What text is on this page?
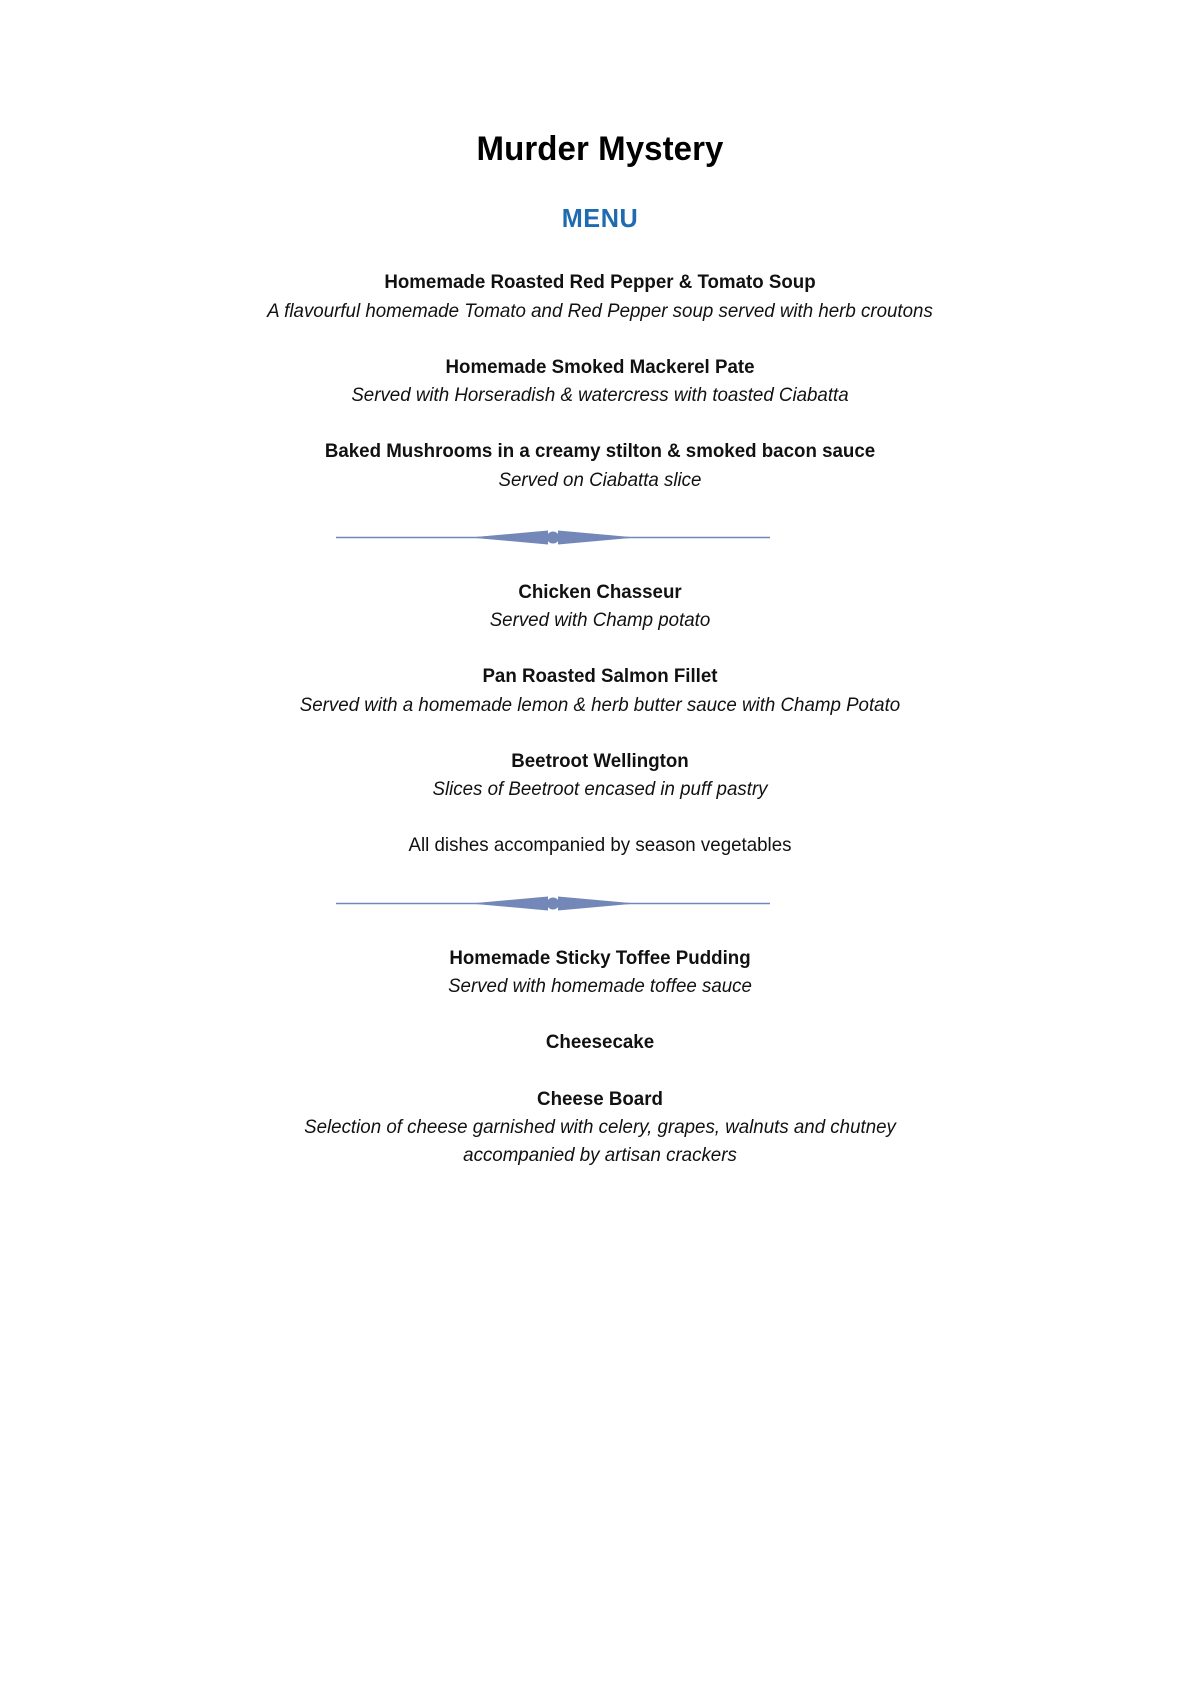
Murder Mystery
MENU
Homemade Roasted Red Pepper & Tomato Soup
A flavourful homemade Tomato and Red Pepper soup served with herb croutons
Homemade Smoked Mackerel Pate
Served with Horseradish & watercress with toasted Ciabatta
Baked Mushrooms in a creamy stilton & smoked bacon sauce
Served on Ciabatta slice
Chicken Chasseur
Served with Champ potato
Pan Roasted Salmon Fillet
Served with a homemade lemon & herb butter sauce with Champ Potato
Beetroot Wellington
Slices of Beetroot encased in puff pastry
All dishes accompanied by season vegetables
Homemade Sticky Toffee Pudding
Served with homemade toffee sauce
Cheesecake
Cheese Board
Selection of cheese garnished with celery, grapes, walnuts and chutney
accompanied by artisan crackers
